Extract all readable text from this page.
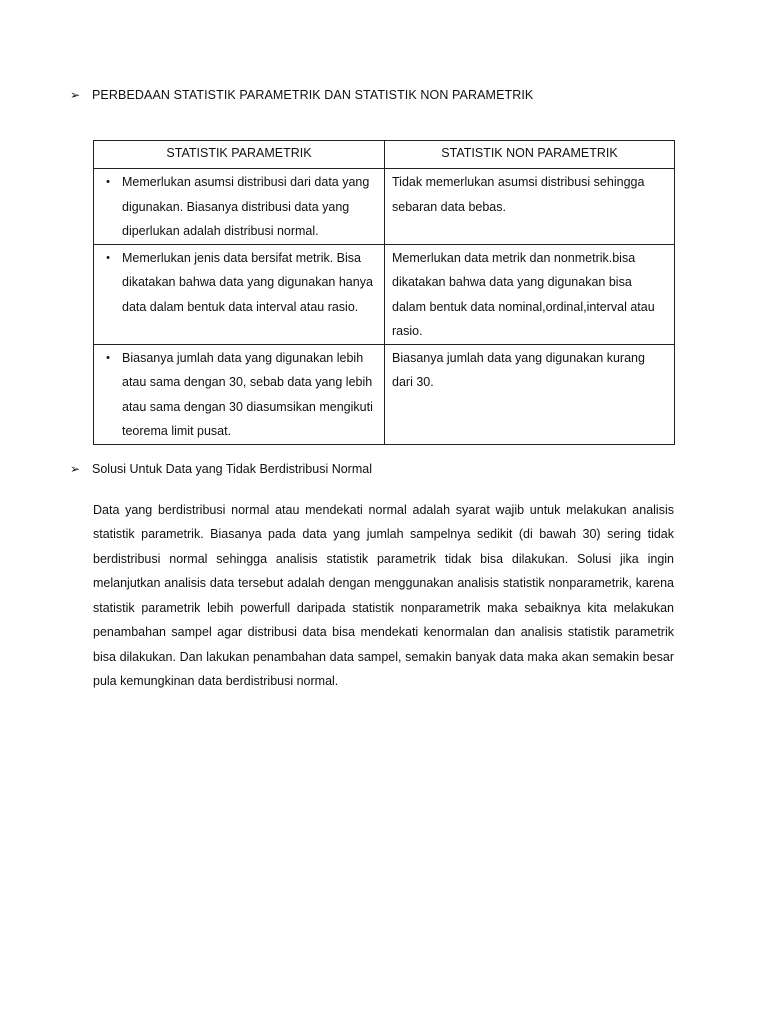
➢ PERBEDAAN STATISTIK PARAMETRIK DAN STATISTIK NON PARAMETRIK
STATISTIK PARAMETRIK	STATISTIK NON PARAMETRIK

• Memerlukan asumsi distribusi dari data yang digunakan. Biasanya distribusi data yang diperlukan adalah distribusi normal.	Tidak memerlukan asumsi distribusi sehingga sebaran data bebas.

• Memerlukan jenis data bersifat metrik. Bisa dikatakan bahwa data yang digunakan hanya data dalam bentuk data interval atau rasio.	Memerlukan data metrik dan nonmetrik.bisa dikatakan bahwa data yang digunakan bisa dalam bentuk data nominal,ordinal,interval atau rasio.

• Biasanya jumlah data yang digunakan lebih atau sama dengan 30, sebab data yang lebih atau sama dengan 30 diasumsikan mengikuti teorema limit pusat.	Biasanya jumlah data yang digunakan kurang dari 30.
➢ Solusi Untuk Data yang Tidak Berdistribusi Normal

Data yang berdistribusi normal atau mendekati normal adalah syarat wajib untuk melakukan analisis statistik parametrik. Biasanya pada data yang jumlah sampelnya sedikit (di bawah 30) sering tidak berdistribusi normal sehingga analisis statistik parametrik tidak bisa dilakukan. Solusi jika ingin melanjutkan analisis data tersebut adalah dengan menggunakan analisis statistik nonparametrik, karena statistik parametrik lebih powerfull daripada statistik nonparametrik maka sebaiknya kita melakukan penambahan sampel agar distribusi data bisa mendekati kenormalan dan analisis statistik parametrik bisa dilakukan. Dan lakukan penambahan data sampel, semakin banyak data maka akan semakin besar pula kemungkinan data berdistribusi normal.
